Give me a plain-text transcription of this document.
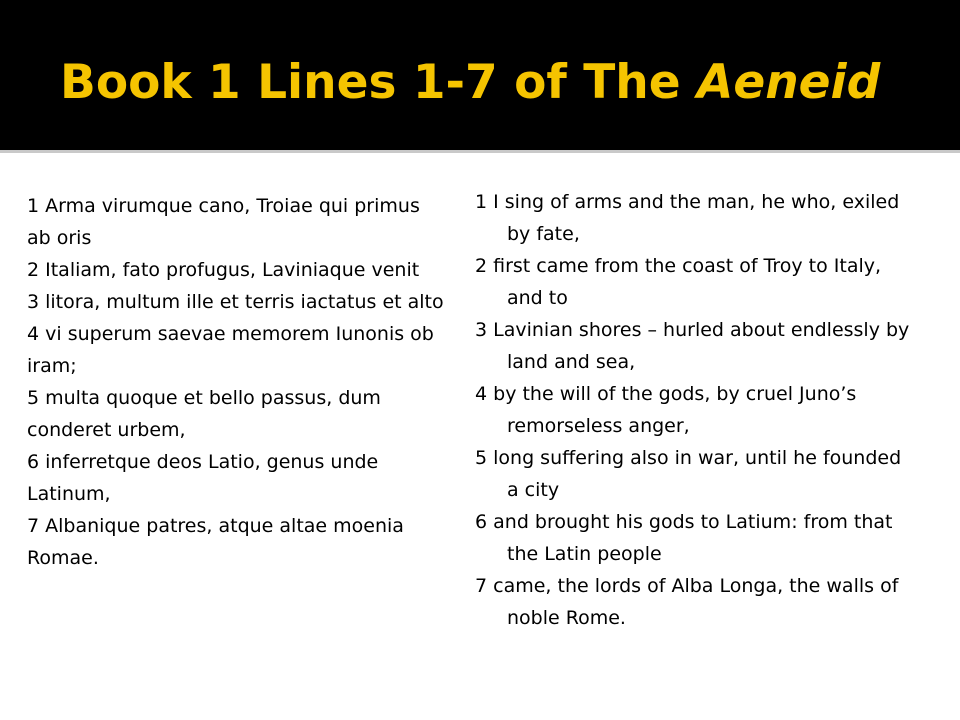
Book 1 Lines 1-7 of The Aeneid

1 Arma virumque cano, Troiae qui primus ab oris

2 Italiam, fato profugus, Laviniaque venit

3 litora, multum ille et terris iactatus et alto

4 vi superum saevae memorem Iunonis ob iram;

5 multa quoque et bello passus, dum conderet urbem,

6 inferretque deos Latio, genus unde Latinum,

7 Albanique patres, atque altae moenia Romae.

1 I sing of arms and the man, he who, exiled by fate,

2 first came from the coast of Troy to Italy, and to

3 Lavinian shores – hurled about endlessly by land and sea,

4 by the will of the gods, by cruel Juno’s remorseless anger,

5 long suffering also in war, until he founded a city

6 and brought his gods to Latium: from that the Latin people

7 came, the lords of Alba Longa, the walls of noble Rome.
